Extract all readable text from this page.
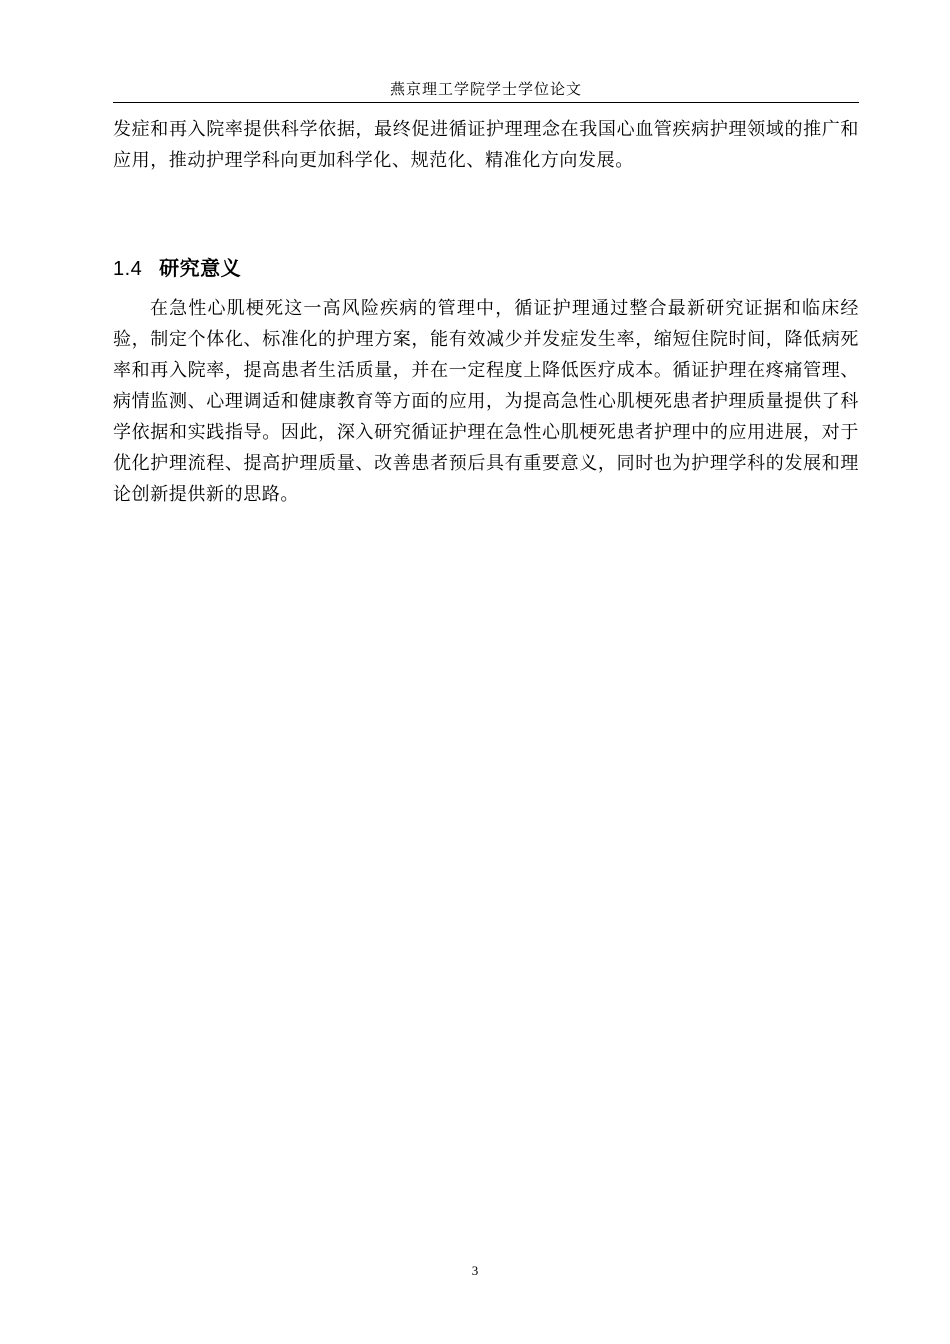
燕京理工学院学士学位论文

发症和再入院率提供科学依据，最终促进循证护理理念在我国心血管疾病护理领域的推广和应用，推动护理学科向更加科学化、规范化、精准化方向发展。

1.4 研究意义

在急性心肌梗死这一高风险疾病的管理中，循证护理通过整合最新研究证据和临床经验，制定个体化、标准化的护理方案，能有效减少并发症发生率，缩短住院时间，降低病死率和再入院率，提高患者生活质量，并在一定程度上降低医疗成本。循证护理在疼痛管理、病情监测、心理调适和健康教育等方面的应用，为提高急性心肌梗死患者护理质量提供了科学依据和实践指导。因此，深入研究循证护理在急性心肌梗死患者护理中的应用进展，对于优化护理流程、提高护理质量、改善患者预后具有重要意义，同时也为护理学科的发展和理论创新提供新的思路。

3
